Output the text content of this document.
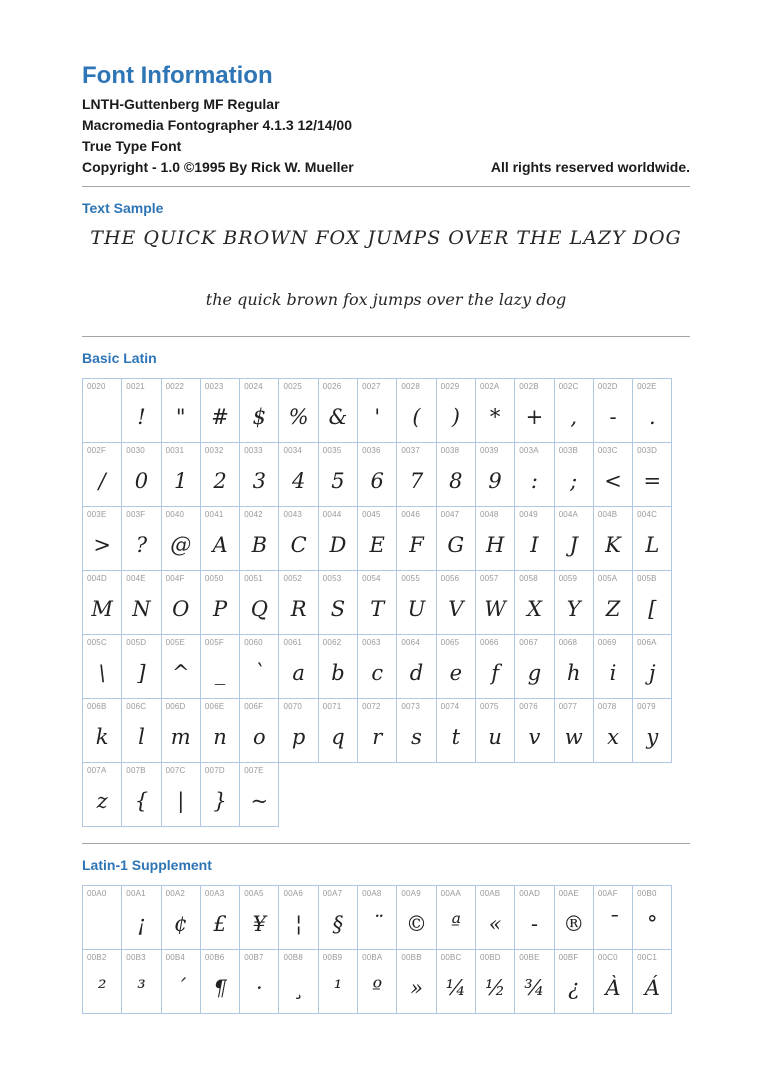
Font Information
LNTH-Guttenberg MF Regular
Macromedia Fontographer 4.1.3 12/14/00
True Type Font
Copyright - 1.0 ©1995 By Rick W. Mueller	All rights reserved worldwide.
Text Sample
THE QUICK BROWN FOX JUMPS OVER THE LAZY DOG
the quick brown fox jumps over the lazy dog
Basic Latin
0020	0021
!
0022
"
0023
#
0024
$
0025
%
0026
&
0027
'
0028
(
0029
)
002A
*
002B
+
002C
,
002D
-
002E
.
002F
/
0030
0
0031
1
0032
2
0033
3
0034
4
0035
5
0036
6
0037
7
0038
8
0039
9
003A
:
003B
;
003C
<
003D
=
003E
>
003F
?
0040
@
0041
A
0042
B
0043
C
0044
D
0045
E
0046
F
0047
G
0048
H
0049
I
004A
J
004B
K
004C
L
004D
M
004E
N
004F
O
0050
P
0051
Q
0052
R
0053
S
0054
T
0055
U
0056
V
0057
W
0058
X
0059
Y
005A
Z
005B
[
005C
\
005D
]
005E
^
005F
_
0060
`
0061
a
0062
b
0063
c
0064
d
0065
e
0066
f
0067
g
0068
h
0069
i
006A
j
006B
k
006C
l
006D
m
006E
n
006F
o
0070
p
0071
q
0072
r
0073
s
0074
t
0075
u
0076
v
0077
w
0078
x
0079
y
007A
z
007B
{
007C
|
007D
}
007E
~
Latin-1 Supplement
00A0 00A1
¡
00A2
¢
00A3
£
00A5
¥
00A6
¦
00A7
§
00A8
¨
00A9
©
00AA
ª
00AB
«
00AD
-
00AE
®
00AF
¯
00B0
°
00B2
²
00B3
³
00B4
´
00B6
¶
00B7
·
00B8
¸
00B9
¹
00BA
º
00BB
»
00BC
¼
00BD
½
00BE
¾
00BF
¿
00C0
À
00C1
Á
